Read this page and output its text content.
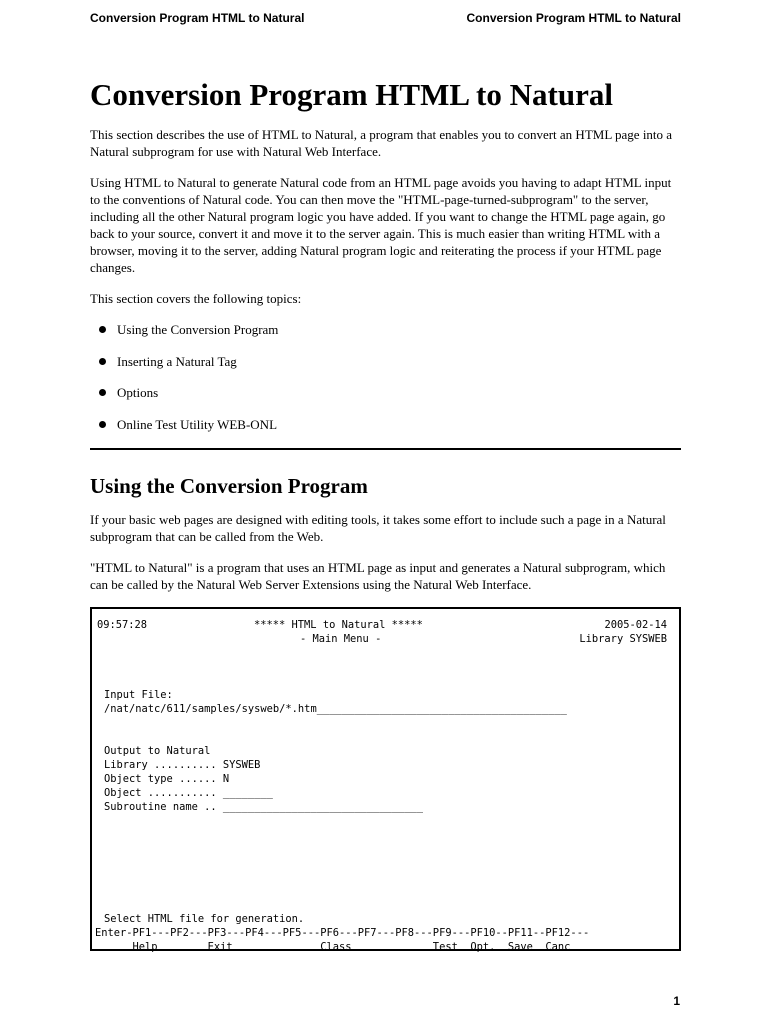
Conversion Program HTML to Natural	Conversion Program HTML to Natural
Conversion Program HTML to Natural

This section describes the use of HTML to Natural, a program that enables you to convert an HTML page into a Natural subprogram for use with Natural Web Interface.

Using HTML to Natural to generate Natural code from an HTML page avoids you having to adapt HTML input to the conventions of Natural code. You can then move the "HTML-page-turned-subprogram" to the server, including all the other Natural program logic you have added. If you want to change the HTML page again, go back to your source, convert it and move it to the server again. This is much easier than writing HTML with a browser, moving it to the server, adding Natural program logic and reiterating the process if your HTML page changes.

This section covers the following topics:

Using the Conversion Program
Inserting a Natural Tag
Options
Online Test Utility WEB-ONL
Using the Conversion Program

If your basic web pages are designed with editing tools, it takes some effort to include such a page in a Natural subprogram that can be called from the Web.

"HTML to Natural" is a program that uses an HTML page as input and generates a Natural subprogram, which can be called by the Natural Web Server Extensions using the Natural Web Interface.

09:57:28

	***** HTML to Natural *****

	2005-02-14

- Main Menu -

	Library SYSWEB

Input File:

/nat/natc/611/samples/sysweb/*.htm________________________________________

Output to Natural

Library .......... SYSWEB

Object type ...... N

Object ........... ________

Subroutine name .. ________________________________

Select HTML file for generation.

Enter-PF1---PF2---PF3---PF4---PF5---PF6---PF7---PF8---PF9---PF10--PF11--PF12---

Help        Exit              Class             Test  Opt.  Save  Canc

1
